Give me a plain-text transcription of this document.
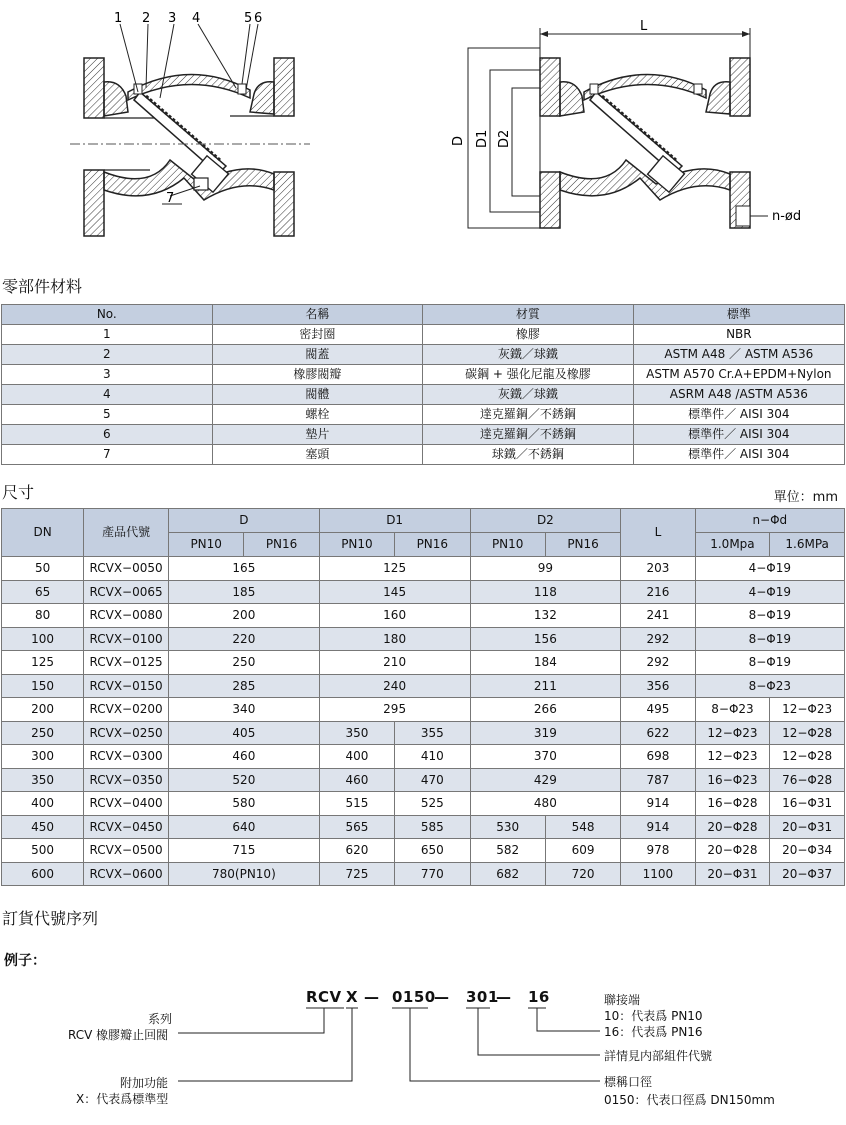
1 2 3 4	5 6
7
L
D D1 D2
n-ød
零部件材料
No.	名稱	材質	標準
1	密封圈	橡膠	NBR
2	閥蓋	灰鐵／球鐵	ASTM A48 ／ ASTM A536
3	橡膠閥瓣	碳鋼 + 强化尼龍及橡膠	ASTM A570 Cr.A+EPDM+Nylon
4	閥體	灰鐵／球鐵	ASRM A48 /ASTM A536
5	螺栓	達克羅鋼／不銹鋼	標準件／ AISI 304
6	墊片	達克羅鋼／不銹鋼	標準件／ AISI 304
7	塞頭	球鐵／不銹鋼	標準件／ AISI 304
尺寸	單位：mm
DN	產品代號	D		D1		D2		L	n−Φd	
		PN10	PN16	PN10	PN16	PN10	PN16		1.0Mpa	1.6MPa
50	RCVX−0050	165		125		99		203	4−Φ19	
65	RCVX−0065	185		145		118		216	4−Φ19	
80	RCVX−0080	200		160		132		241	8−Φ19	
100	RCVX−0100	220		180		156		292	8−Φ19	
125	RCVX−0125	250		210		184		292	8−Φ19	
150	RCVX−0150	285		240		211		356	8−Φ23	
200	RCVX−0200	340		295		266		495	8−Φ23	12−Φ23
250	RCVX−0250	405		350	355	319		622	12−Φ23	12−Φ28
300	RCVX−0300	460		400	410	370		698	12−Φ23	12−Φ28
350	RCVX−0350	520		460	470	429		787	16−Φ23	76−Φ28
400	RCVX−0400	580		515	525	480		914	16−Φ28	16−Φ31
450	RCVX−0450	640		565	585	530	548	914	20−Φ28	20−Φ31
500	RCVX−0500	715		620	650	582	609	978	20−Φ28	20−Φ34
600	RCVX−0600	780(PN10)		725	770	682	720	1100	20−Φ31	20−Φ37
訂貨代號序列
例子：
RCV X — 0150
— 301
— 16
系列
RCV 橡膠瓣止回閥
附加功能
X：代表爲標準型
聯接端
10：代表爲 PN10
16：代表爲 PN16
詳情見内部組件代號
標稱口徑
0150：代表口徑爲 DN150mm
